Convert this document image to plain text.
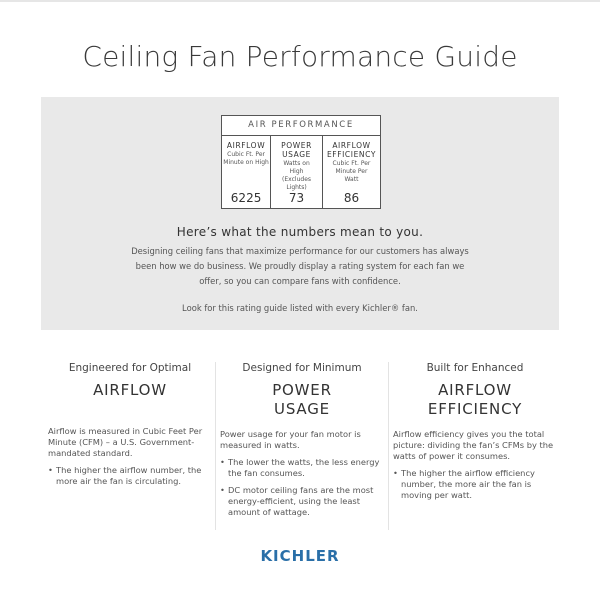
Ceiling Fan Performance Guide
AIR PERFORMANCE
AIRFLOW
Cubic Ft. Per Minute on High
6225
POWER USAGE
Watts on High (Excludes Lights)
73
AIRFLOW EFFICIENCY
Cubic Ft. Per Minute Per Watt
86
Here’s what the numbers mean to you.
Designing ceiling fans that maximize performance for our customers has always been how we do business. We proudly display a rating system for each fan we offer, so you can compare fans with confidence.
Look for this rating guide listed with every Kichler® fan.
Engineered for Optimal
AIRFLOW
Airflow is measured in Cubic Feet Per Minute (CFM) – a U.S. Government-mandated standard.
• The higher the airflow number, the more air the fan is circulating.
Designed for Minimum
POWER
USAGE
Power usage for your fan motor is measured in watts.
• The lower the watts, the less energy the fan consumes.
• DC motor ceiling fans are the most energy-efficient, using the least amount of wattage.
Built for Enhanced
AIRFLOW
EFFICIENCY
Airflow efficiency gives you the total picture: dividing the fan’s CFMs by the watts of power it consumes.
• The higher the airflow efficiency number, the more air the fan is moving per watt.
KICHLER
